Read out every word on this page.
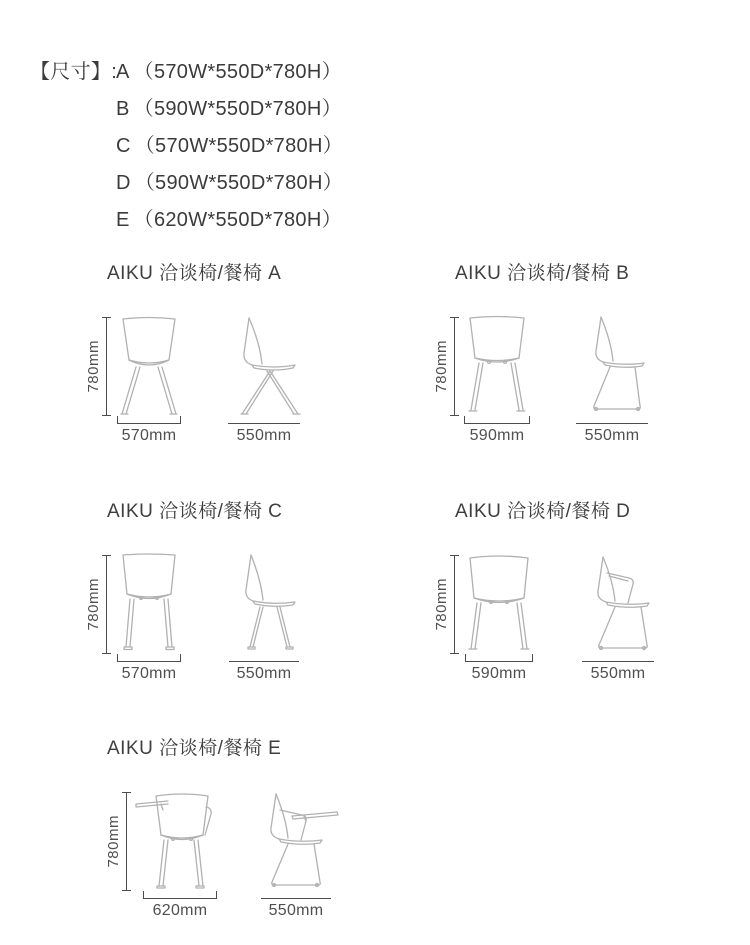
【尺寸】:A （570W*550D*780H）
B （590W*550D*780H）
C （570W*550D*780H）
D （590W*550D*780H）
E （620W*550D*780H）
AIKU 洽谈椅/餐椅 A
780mm
570mm	550mm
AIKU 洽谈椅/餐椅 B
780mm
590mm	550mm
AIKU 洽谈椅/餐椅 C
780mm
570mm	550mm
AIKU 洽谈椅/餐椅 D
780mm
590mm	550mm
AIKU 洽谈椅/餐椅 E
780mm
620mm	550mm
